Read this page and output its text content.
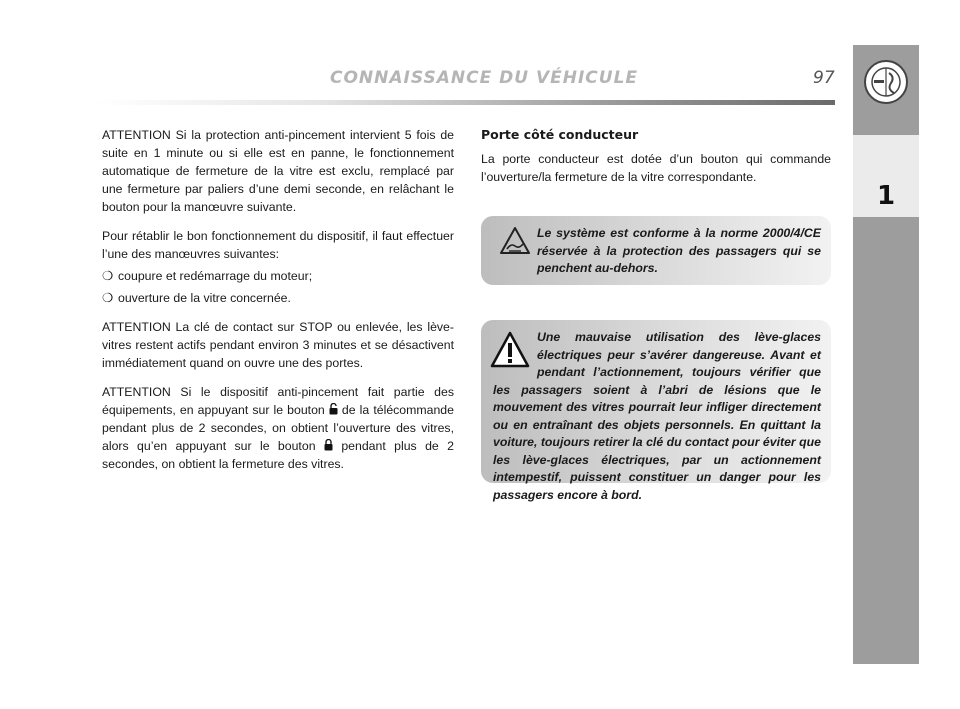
CONNAISSANCE DU VÉHICULE	97
1

ATTENTION Si la protection anti-pincement intervient 5 fois de suite en 1 minute ou si elle est en panne, le fonctionnement automatique de fermeture de la vitre est exclu, remplacé par une fermeture par paliers d’une demi seconde, en relâchant le bouton pour la manœuvre suivante.

Pour rétablir le bon fonctionnement du dispositif, il faut effectuer l’une des manœuvres suivantes:

❍ coupure et redémarrage du moteur;
❍ ouverture de la vitre concernée.

ATTENTION La clé de contact sur STOP ou enlevée, les lève-vitres restent actifs pendant environ 3 minutes et se désactivent immédiatement quand on ouvre une des portes.

ATTENTION Si le dispositif anti-pincement fait partie des équipements, en appuyant sur le bouton de la télécommande pendant plus de 2 secondes, on obtient l’ouverture des vitres, alors qu’en appuyant sur le bouton pendant plus de 2 secondes, on obtient la fermeture des vitres.

Porte côté conducteur
La porte conducteur est dotée d’un bouton qui commande l’ouverture/la fermeture de la vitre correspondante.
Le système est conforme à la norme 2000/4/CE réservée à la protection des passagers qui se penchent au-dehors.

Une mauvaise utilisation des lève-glaces électriques peur s’avérer dangereuse. Avant et pendant l’actionnement, toujours vérifier que les passagers soient à l’abri de lésions que le mouvement des vitres pourrait leur infliger directement ou en entraînant des objets personnels. En quittant la voiture, toujours retirer la clé du contact pour éviter que les lève-glaces électriques, par un actionnement intempestif, puissent constituer un danger pour les passagers encore à bord.
